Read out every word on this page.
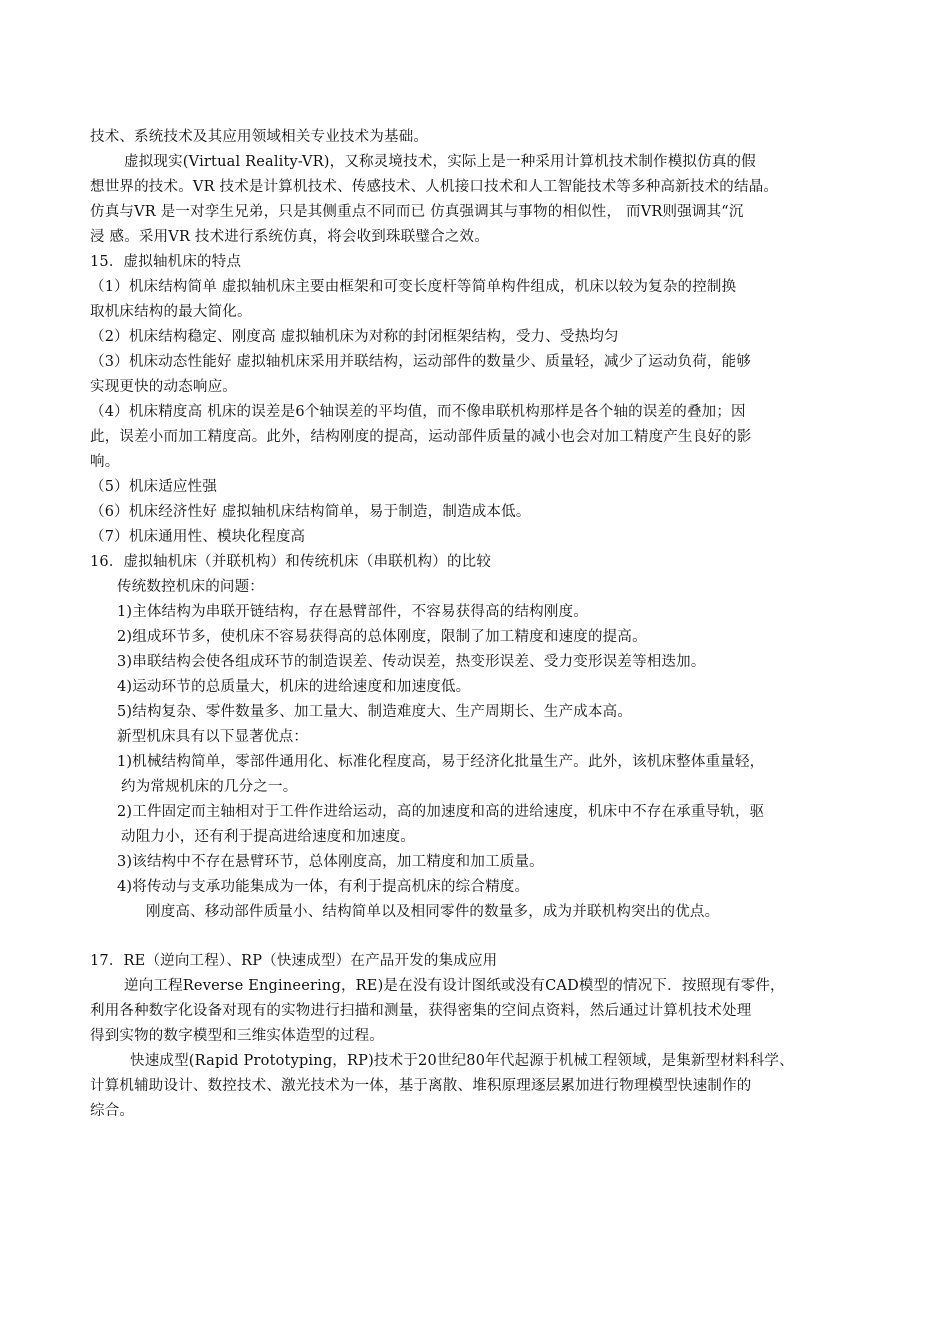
技术、系统技术及其应用领域相关专业技术为基础。
虚拟现实(Virtual Reality-VR)，又称灵境技术，实际上是一种采用计算机技术制作模拟仿真的假
想世界的技术。VR 技术是计算机技术、传感技术、人机接口技术和人工智能技术等多种高新技术的结晶。
仿真与VR 是一对孪生兄弟，只是其侧重点不同而已 仿真强调其与事物的相似性， 而VR则强调其“沉
浸 感。采用VR 技术进行系统仿真，将会收到珠联璧合之效。
15．虚拟轴机床的特点
（1）机床结构简单 虚拟轴机床主要由框架和可变长度杆等简单构件组成，机床以较为复杂的控制换
取机床结构的最大简化。
（2）机床结构稳定、刚度高 虚拟轴机床为对称的封闭框架结构，受力、受热均匀
（3）机床动态性能好 虚拟轴机床采用并联结构，运动部件的数量少、质量轻，减少了运动负荷，能够
实现更快的动态响应。
（4）机床精度高 机床的误差是6个轴误差的平均值，而不像串联机构那样是各个轴的误差的叠加；因
此，误差小而加工精度高。此外，结构刚度的提高，运动部件质量的减小也会对加工精度产生良好的影
响。
（5）机床适应性强
（6）机床经济性好 虚拟轴机床结构简单，易于制造，制造成本低。
（7）机床通用性、模块化程度高
16．虚拟轴机床（并联机构）和传统机床（串联机构）的比较
传统数控机床的问题：
1)主体结构为串联开链结构，存在悬臂部件，不容易获得高的结构刚度。
2)组成环节多，使机床不容易获得高的总体刚度，限制了加工精度和速度的提高。
3)串联结构会使各组成环节的制造误差、传动误差，热变形误差、受力变形误差等相迭加。
4)运动环节的总质量大，机床的进给速度和加速度低。
5)结构复杂、零件数量多、加工量大、制造难度大、生产周期长、生产成本高。
新型机床具有以下显著优点：
1)机械结构简单，零部件通用化、标准化程度高，易于经济化批量生产。此外，该机床整体重量轻，
约为常规机床的几分之一。
2)工件固定而主轴相对于工件作进给运动，高的加速度和高的进给速度，机床中不存在承重导轨，驱
动阻力小，还有利于提高进给速度和加速度。
3)该结构中不存在悬臂环节，总体刚度高，加工精度和加工质量。
4)将传动与支承功能集成为一体，有利于提高机床的综合精度。
刚度高、移动部件质量小、结构简单以及相同零件的数量多，成为并联机构突出的优点。
17．RE（逆向工程）、RP（快速成型）在产品开发的集成应用
逆向工程Reverse Engineering，RE)是在没有设计图纸或没有CAD模型的情况下．按照现有零件，
利用各种数字化设备对现有的实物进行扫描和测量，获得密集的空间点资料，然后通过计算机技术处理
得到实物的数字模型和三维实体造型的过程。
快速成型(Rapid Prototyping，RP)技术于20世纪80年代起源于机械工程领域，是集新型材料科学、
计算机辅助设计、数控技术、激光技术为一体，基于离散、堆积原理逐层累加进行物理模型快速制作的
综合。
